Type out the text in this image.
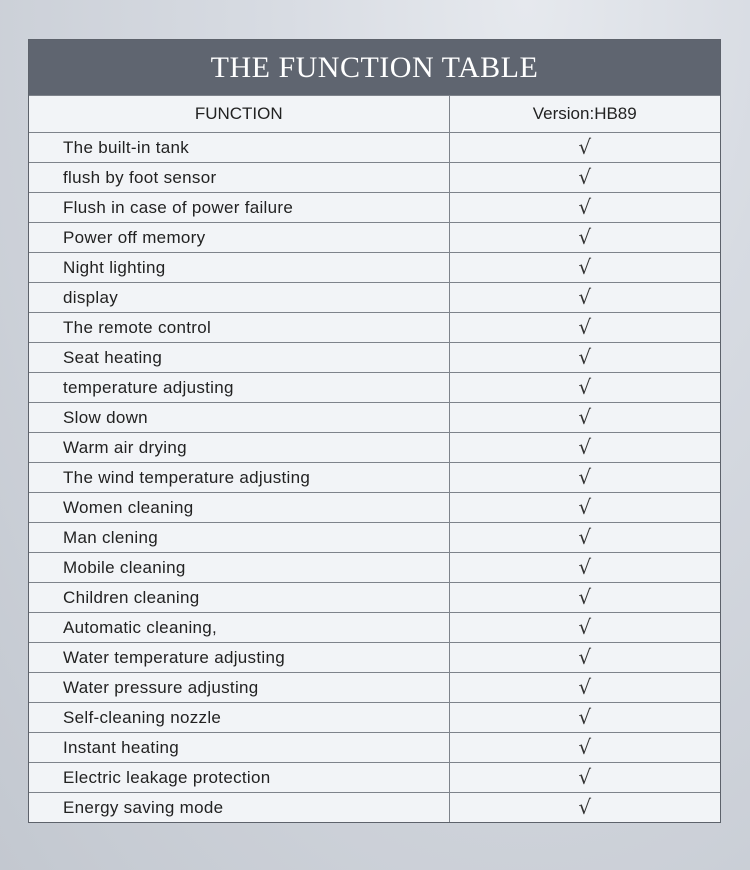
THE FUNCTION TABLE
FUNCTION	Version:HB89
The built-in tank	√
flush by foot sensor	√
Flush in case of power failure	√
Power off memory	√
Night lighting	√
display	√
The remote control	√
Seat heating	√
temperature adjusting	√
Slow down	√
Warm air drying	√
The wind temperature adjusting	√
Women cleaning	√
Man clening	√
Mobile cleaning	√
Children cleaning	√
Automatic cleaning,	√
Water temperature adjusting	√
Water pressure adjusting	√
Self-cleaning nozzle	√
Instant heating	√
Electric leakage protection	√
Energy saving mode	√
